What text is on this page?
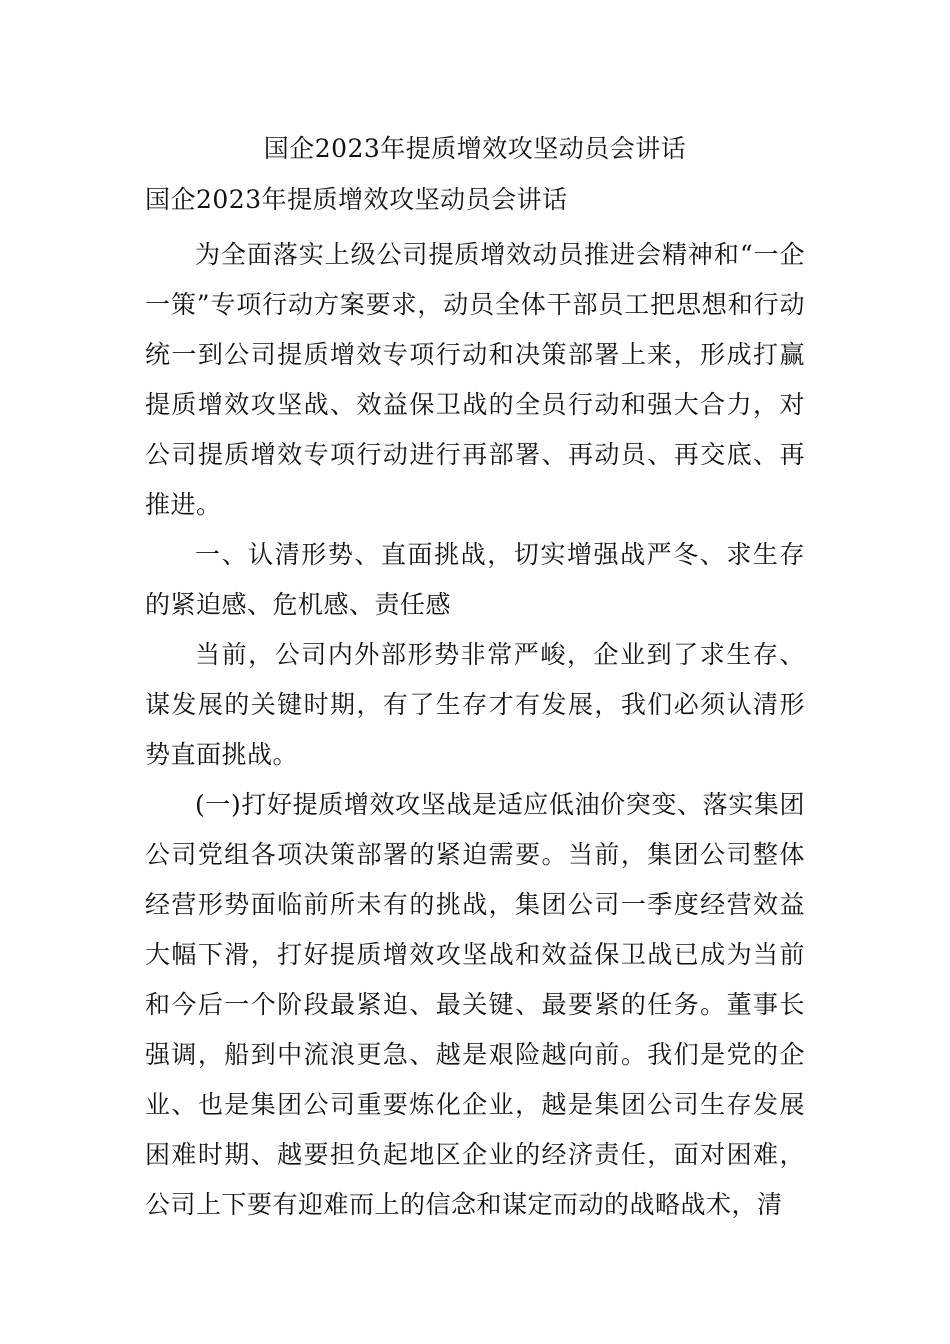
国企2023年提质增效攻坚动员会讲话

国企2023年提质增效攻坚动员会讲话

为全面落实上级公司提质增效动员推进会精神和“一企一策”专项行动方案要求，动员全体干部员工把思想和行动统一到公司提质增效专项行动和决策部署上来，形成打赢提质增效攻坚战、效益保卫战的全员行动和强大合力，对公司提质增效专项行动进行再部署、再动员、再交底、再推进。

一、认清形势、直面挑战，切实增强战严冬、求生存的紧迫感、危机感、责任感

当前，公司内外部形势非常严峻，企业到了求生存、谋发展的关键时期，有了生存才有发展，我们必须认清形势直面挑战。

(一)打好提质增效攻坚战是适应低油价突变、落实集团公司党组各项决策部署的紧迫需要。当前，集团公司整体经营形势面临前所未有的挑战，集团公司一季度经营效益大幅下滑，打好提质增效攻坚战和效益保卫战已成为当前和今后一个阶段最紧迫、最关键、最要紧的任务。董事长强调，船到中流浪更急、越是艰险越向前。我们是党的企业、也是集团公司重要炼化企业，越是集团公司生存发展困难时期、越要担负起地区企业的经济责任，面对困难，公司上下要有迎难而上的信念和谋定而动的战略战术，清
